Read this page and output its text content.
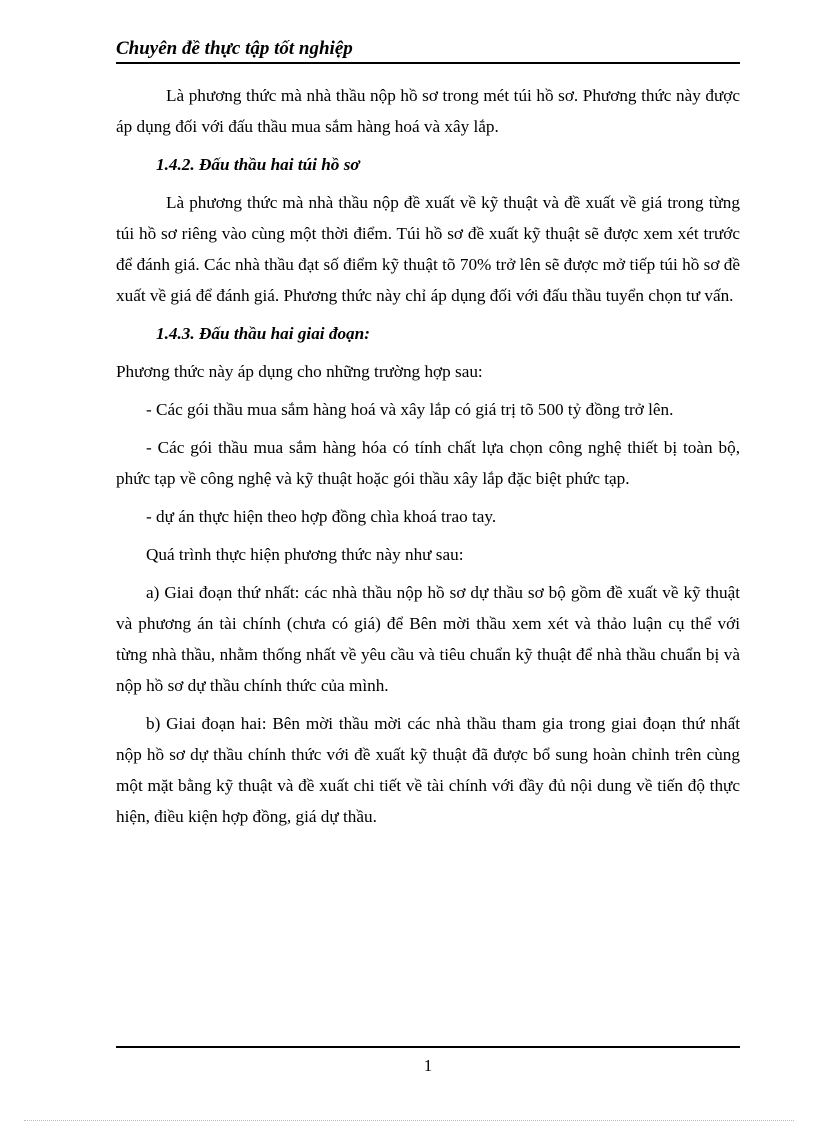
Chuyên đề thực tập tốt nghiệp

Là phương thức mà nhà thầu nộp hồ sơ trong mét túi hồ sơ. Phương thức này được áp dụng đối với đấu thầu mua sắm hàng hoá và xây lắp.

1.4.2. Đấu thầu hai túi hồ sơ

Là phương thức mà nhà thầu nộp đề xuất về kỹ thuật và đề xuất về giá trong từng túi hồ sơ riêng vào cùng một thời điểm. Túi hồ sơ đề xuất kỹ thuật sẽ được xem xét trước để đánh giá. Các nhà thầu đạt số điểm kỹ thuật tõ 70% trở lên sẽ được mở tiếp túi hồ sơ đề xuất về giá để đánh giá. Phương thức này chỉ áp dụng đối với đấu thầu tuyển chọn tư vấn.

1.4.3. Đấu thầu hai giai đoạn:

Phương thức này áp dụng cho những trường hợp sau:

- Các gói thầu mua sắm hàng hoá và xây lắp có giá trị tõ 500 tỷ đồng trở lên.

- Các gói thầu mua sắm hàng hóa có tính chất lựa chọn công nghệ thiết bị toàn bộ, phức tạp về công nghệ và kỹ thuật hoặc gói thầu xây lắp đặc biệt phức tạp.

- dự án thực hiện theo hợp đồng chìa khoá trao tay.

Quá trình thực hiện phương thức này như sau:

a) Giai đoạn thứ nhất: các nhà thầu nộp hồ sơ dự thầu sơ bộ gồm đề xuất về kỹ thuật và phương án tài chính (chưa có giá) để Bên mời thầu xem xét và thảo luận cụ thể với từng nhà thầu, nhằm thống nhất về yêu cầu và tiêu chuẩn kỹ thuật để nhà thầu chuẩn bị và nộp hồ sơ dự thầu chính thức của mình.

b) Giai đoạn hai: Bên mời thầu mời các nhà thầu tham gia trong giai đoạn thứ nhất nộp hồ sơ dự thầu chính thức với đề xuất kỹ thuật đã được bổ sung hoàn chỉnh trên cùng một mặt bằng kỹ thuật và đề xuất chi tiết về tài chính với đầy đủ nội dung về tiến độ thực hiện, điều kiện hợp đồng, giá dự thầu.

1
